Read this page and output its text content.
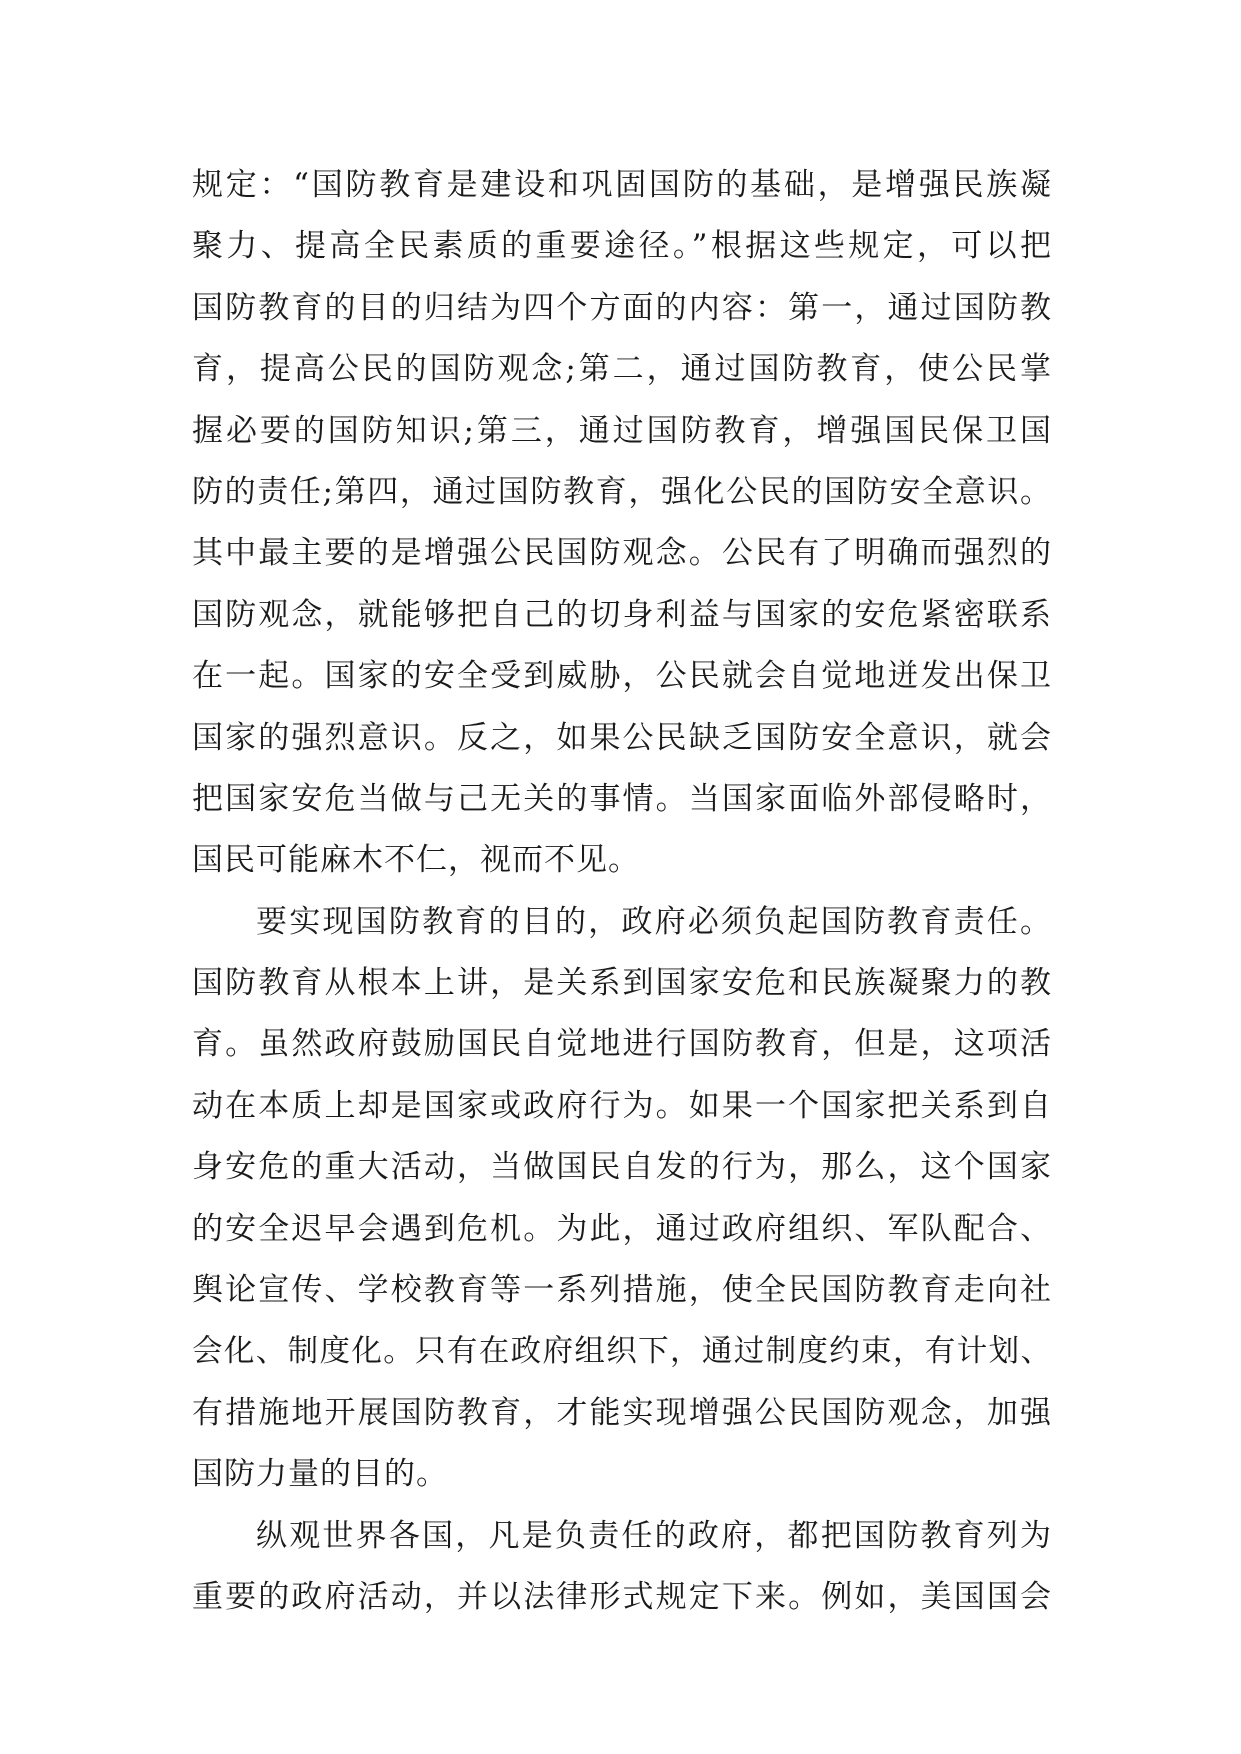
规定：“国防教育是建设和巩固国防的基础，是增强民族凝
聚力、提高全民素质的重要途径。”根据这些规定，可以把
国防教育的目的归结为四个方面的内容：第一，通过国防教
育，提高公民的国防观念;第二，通过国防教育，使公民掌
握必要的国防知识;第三，通过国防教育，增强国民保卫国
防的责任;第四，通过国防教育，强化公民的国防安全意识。
其中最主要的是增强公民国防观念。公民有了明确而强烈的
国防观念，就能够把自己的切身利益与国家的安危紧密联系
在一起。国家的安全受到威胁，公民就会自觉地迸发出保卫
国家的强烈意识。反之，如果公民缺乏国防安全意识，就会
把国家安危当做与己无关的事情。当国家面临外部侵略时，
国民可能麻木不仁，视而不见。
要实现国防教育的目的，政府必须负起国防教育责任。
国防教育从根本上讲，是关系到国家安危和民族凝聚力的教
育。虽然政府鼓励国民自觉地进行国防教育，但是，这项活
动在本质上却是国家或政府行为。如果一个国家把关系到自
身安危的重大活动，当做国民自发的行为，那么，这个国家
的安全迟早会遇到危机。为此，通过政府组织、军队配合、
舆论宣传、学校教育等一系列措施，使全民国防教育走向社
会化、制度化。只有在政府组织下，通过制度约束，有计划、
有措施地开展国防教育，才能实现增强公民国防观念，加强
国防力量的目的。
纵观世界各国，凡是负责任的政府，都把国防教育列为
重要的政府活动，并以法律形式规定下来。例如，美国国会
